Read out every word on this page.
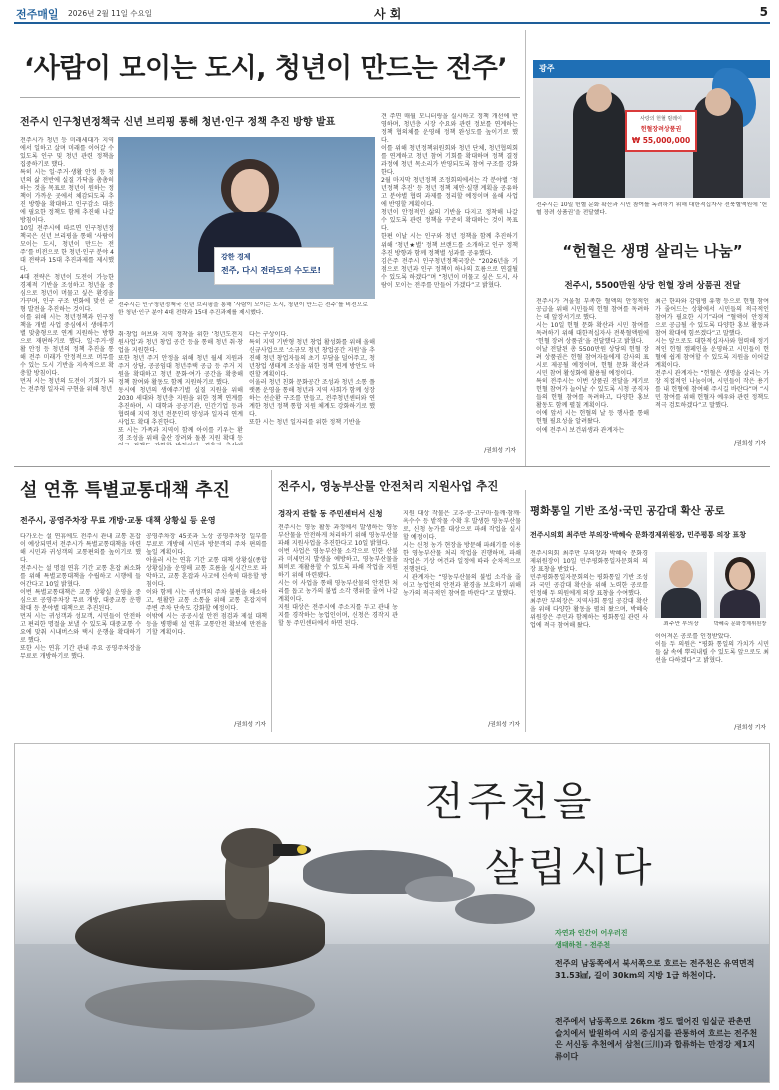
전주매일 2026년 2월 11일 수요일	사 회	5
‘사람이 모이는 도시, 청년이 만드는 전주’
전주시 인구청년정책국 신년 브리핑 통해 청년·인구 정책 추진 방향 발표
강한 경제
전주, 다시 전라도의 수도로!
전주시는 인구청년정책국 신년 브리핑을 통해 ‘사람이 모이는 도시, 청년이 만드는 전주’를 비전으로 한 청년·인구 분야 4대 전략과 15대 추진과제를 제시했다.

전주시가 청년 등 미래세대가 지역에서 일하고 살며 미래를 이어갈 수 있도록 인구 및 청년 관련 정책을 집중하기로 했다.

특히 시는 일·주거·생활 안정 등 청년의 삶 전반에 실질 가닥을 촘촘히 하는 것을 목표로 청년이 원하는 정책이 가까운 곳에서 체감되도록 추진 방향을 확대하고 인구감소 대응에 필요한 정책도 함께 추진해 나갈 방침이다.

10일 전주시에 따르면 인구청년정책국은 신년 브리핑을 통해 ‘사람이 모이는 도시, 청년이 만드는 전주’를 비전으로 한 청년·인구 분야 4대 전략과 15대 추진과제를 제시했다.

4대 전략은 청년이 도전이 가능한 경제적 기반을 조성하고 청년을 중심으로 청년이 머물고 싶은 환경을 가꾸며, 인구 구조 변화에 맞선 균형 발전을 추진하는 것이다.

이를 위해 시는 청년정책과 인구정책을 개별 사업 중심에서 생애주기별 맞춤형으로 연계 지원하는 방향으로 재편하기로 했다. 일·주거·생활 안정 등 청년의 정책 추진을 통해 전주 미래가 안정적으로 머무를 수 있는 도시 기반을 지속적으로 확충할 방침이다.

먼저 시는 청년의 도전이 기회가 되는 전주형 일자리 구현을 위해 청년

취·창업 허브와 지역 정착을 위한 ‘청년도전지원사업’과 청년 창업 공간 등을 통해 청년 취·창업을 지원한다.

또한 청년 주거 안정을 위해 청년 월세 지원과 주거 상담, 공공임대 청년주택 공급 등 주거 지원을 확대하고 청년 문화·여가 공간을 확충해 정책 참여와 활동도 함께 지원하기로 했다.

동시에 청년의 생애주기별 실질 지원을 위해 2030 세대와 청년층 지원을 위한 정책 연계를 추진하며, 시 대학과 공공기관, 민간기업 등과 협력해 지역 청년 전문인력 양성과 일자리 연계 사업도 확대 추진한다.

또 시는 가족과 지역이 함께 아이를 키우는 환경 조성을 위해 출산 장려와 돌봄 지원 확대 등

다는 구상이다.

특히 지역 기반형 청년 창업 활성화를 위해 올해 신규사업으로 ‘소규모 청년 창업공간 지원’을 추진해 청년 창업자들의 초기 부담을 덜어주고, 청년창업 생태계 조성을 위한 정책 연계 방안도 마련할 계획이다.

이울러 청년 친화 문화공간 조성과 청년 소통 플랫폼 운영을 통해 청년과 지역 사회가 함께 성장하는 선순환 구조를 만들고, 전주청년센터와 연계한 청년 정책 통합 지원 체계도 강화하기로 했다.

또한 시는 청년 일자리를 위한 정책 기반을

견 주면 매월 모니터링을 실시하고 정책 개선에 반영하며, 청년층 시장 수요와 관련 정보를 연계하는 정책 협의체를 운영해 정책 완성도를 높이기로 했다.

이를 위해 청년정책위원회와 청년 단체, 청년협의회를 연계하고 청년 참여 기회를 확대하며 정책 결정 과정에 청년 목소리가 반영되도록 참여 구조를 강화한다.

2월 마지막 청년정책 조정회의에서는 각 분야별 ‘청년정책 추진’ 등 청년 정책 제안·실행 계획을 공유하고 분야별 협력 과제를 정리할 예정이며 올해 사업에 반영할 계획이다.

청년이 안정적인 삶의 기반을 다지고 정착해 나갈 수 있도록 관련 정책을 꾸준히 확대하는 것이 목표다.

한편 이날 시는 인구와 청년 정책을 함께 추진하기 위해 ‘청년★별’ 정책 브랜드를 소개하고 인구 정책 추진 방향과 함께 정책별 성과를 공유했다.

김은주 전주시 인구청년정책국장은 “2026년을 기점으로 청년과 인구 정책이 하나의 흐름으로 연결될 수 있도록 하겠다”며 “청년이 머물고 싶은 도시, 사람이 모이는 전주를 만들어 가겠다”고 밝혔다.

/권희성 기자
광주
사랑의 헌혈 릴레이
헌혈장려상품권
₩ 55,000,000
전주시는 10일 헌혈 문화 확산과 시민 참여를 독려하기 위해 대한적십자사 전북혈액원에 ‘헌혈 장려 상품권’을 전달했다.
“헌혈은 생명 살리는 나눔”
전주시, 5500만원 상당 헌혈 장려 상품권 전달

전주시가 겨울철 부족한 혈액의 안정적인 공급을 위해 시민들의 헌혈 참여를 독려하는 데 앞장서기로 했다.

시는 10일 헌혈 문화 확산과 시민 참여를 독려하기 위해 대한적십자사 전북혈액원에 ‘헌혈 장려 상품권’을 전달했다고 밝혔다.

이날 전달된 총 5500만원 상당의 헌혈 장려 상품권은 헌혈 참여자들에게 감사의 표시로 제공될 예정이며, 헌혈 문화 확산과 시민 참여 활성화에 활용될 예정이다.

특히 전주시는 이번 상품권 전달을 계기로 헌혈 참여가 늘어날 수 있도록 시청 공직자들의 헌혈 참여를 독려하고, 다양한 홍보 활동도 함께 펼칠 계획이다.

이에 앞서 시는 헌혈의 날 등 행사를 통해 헌혈 필요성을 알려왔다.

이에 전주시 보건위생과 관계자는

최근 한파와 감염병 유행 등으로 헌혈 참여가 줄어드는 상황에서 시민들의 적극적인 참여가 필요한 시기”라며 “혈액이 안정적으로 공급될 수 있도록 다양한 홍보 활동과 참여 확대에 힘쓰겠다”고 말했다.

시는 앞으로도 대한적십자사와 협력해 정기적인 헌혈 캠페인을 운영하고 시민들이 헌혈에 쉽게 참여할 수 있도록 지원을 이어갈 계획이다.

전주시 관계자는 “헌혈은 생명을 살리는 가장 직접적인 나눔이며, 시민들이 작은 용기를 내 헌혈에 참여해 주시길 바란다”며 “시민 참여를 위해 헌혈자 예우와 관련 정책도 적극 검토하겠다”고 말했다.

/권희성 기자
설 연휴 특별교통대책 추진
전주시, 공영주차장 무료 개방·교통 대책 상황실 등 운영

다가오는 설 연휴에도 전주시 관내 교통 혼잡이 예상되면서 전주시가 특별교통대책을 마련해 시민과 귀성객의 교통편의를 높이기로 했다.

전주시는 설 명절 연휴 기간 교통 혼잡 최소화를 위해 특별교통대책을 수립하고 시행에 들어간다고 10일 밝혔다.

이번 특별교통대책은 교통 상황실 운영을 중심으로 공영주차장 무료 개방, 대중교통 운행 확대 등 분야별 대책으로 추진된다.

먼저 시는 귀성객과 성묘객, 시민들이 안전하고 편리한 명절을 보낼 수 있도록 대중교통 수요에 맞춰 시내버스와 택시 운행을 확대하기로 했다.

또한 시는 연휴 기간 관내 주요 공영주차장을 무료로 개방하기로 했다.

공영주차장 45곳과 노상 공영주차장 일부를 무료로 개방해 시민과 방문객의 주차 편의를 높일 계획이다.

아울러 시는 연휴 기간 교통 대책 상황실(종합상황실)을 운영해 교통 흐름을 실시간으로 파악하고, 교통 혼잡과 사고에 신속히 대응할 방침이다.

이와 함께 시는 귀성객의 주차 불편을 해소하고, 원활한 교통 소통을 위해 교통 혼잡지역 주변 주차 단속도 강화할 예정이다.

이밖에 시는 공공시설 안전 점검과 제설 대책 등을 병행해 설 연휴 교통안전 확보에 만전을 기할 계획이다.

/권희성 기자
전주시, 영농부산물 안전처리 지원사업 추진
경작지 관할 동 주민센터서 신청

전주시는 영농 활동 과정에서 발생하는 영농부산물을 안전하게 처리하기 위해 영농부산물 파쇄 지원사업을 추진한다고 10일 밝혔다.

이번 사업은 영농부산물 소각으로 인한 산불과 미세먼지 발생을 예방하고, 영농부산물을 퇴비로 재활용할 수 있도록 파쇄 작업을 지원하기 위해 마련됐다.

시는 이 사업을 통해 영농부산물의 안전한 처리를 돕고 농가의 불법 소각 행위를 줄여 나갈 계획이다.

지원 대상은 전주시에 주소지를 두고 관내 농지를 경작하는 농업인이며, 신청은 경작지 관할 동 주민센터에서 하면 된다.

지원 대상 작물은 고추·콩·고구마·들깨·참깨·옥수수 등 밭작물 수확 후 발생한 영농부산물로, 신청 농가를 대상으로 파쇄 작업을 실시할 예정이다.

시는 신청 농가 현장을 방문해 파쇄기를 이용한 영농부산물 처리 작업을 진행하며, 파쇄 작업은 기상 여건과 일정에 따라 순차적으로 진행된다.

시 관계자는 “영농부산물의 불법 소각을 줄이고 농업인의 안전과 환경을 보호하기 위해 농가의 적극적인 참여를 바란다”고 말했다.

/권희성 기자
평화통일 기반 조성·국민 공감대 확산 공로
전주시의회 최주만 부의장·박혜숙 문화경제위원장, 민주평통 의장 표창

전주시의회 최주만 부의장과 박혜숙 문화경제위원장이 10일 민주평화통일자문회의 의장 표창을 받았다.

민주평화통일자문회의는 평화통일 기반 조성과 국민 공감대 확산을 위해 노력한 공로를 인정해 두 의원에게 의장 표창을 수여했다.

최주만 부의장은 지역사회 통일 공감대 확산을 위해 다양한 활동을 펼쳐 왔으며, 박혜숙 위원장은 주민과 함께하는 평화통일 관련 사업에 적극 참여해 왔다.	최주만 부의장	박혜숙 문화경제위원장

이어져온 공로를 인정받았다.

이들 두 의원은 “평화 통일의 가치가 시민들 삶 속에 뿌리내릴 수 있도록 앞으로도 최선을 다하겠다”고 밝혔다.

/권희성 기자
전주천을
살립시다
자연과 인간이 어우러진
생태하천 - 전주천
전주의 남동쪽에서 북서쪽으로 흐르는 전주천은 유역면적 31.53㎢, 길이 30km의 지방 1급 하천이다.
전주에서 남동쪽으로 26km 정도 떨어진 임실군 관촌면 슬치에서 발원하여 시의 중심지를 관통하여 흐르는 전주천은 서신동 추천에서 삼천(三川)과 합류하는 만경강 제1지류이다
